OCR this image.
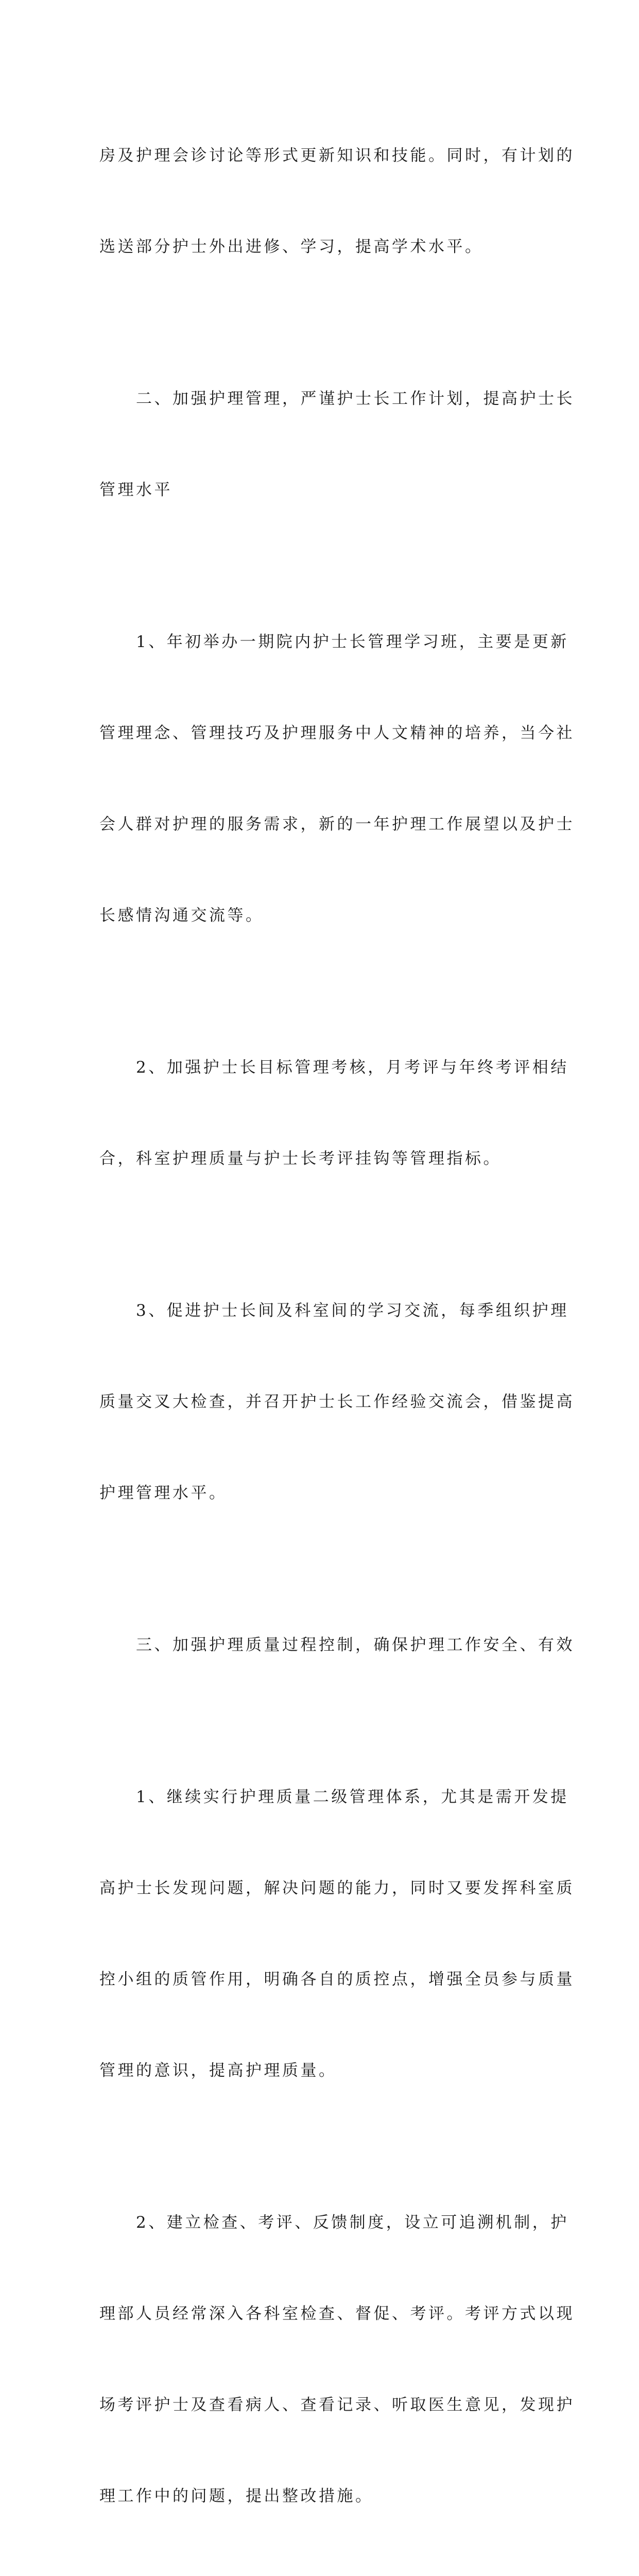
房及护理会诊讨论等形式更新知识和技能。同时，有计划的

选送部分护士外出进修、学习，提高学术水平。

　　二、加强护理管理，严谨护士长工作计划，提高护士长

管理水平

　　1、年初举办一期院内护士长管理学习班，主要是更新

管理理念、管理技巧及护理服务中人文精神的培养，当今社

会人群对护理的服务需求，新的一年护理工作展望以及护士

长感情沟通交流等。

　　2、加强护士长目标管理考核，月考评与年终考评相结

合，科室护理质量与护士长考评挂钩等管理指标。

　　3、促进护士长间及科室间的学习交流，每季组织护理

质量交叉大检查，并召开护士长工作经验交流会，借鉴提高

护理管理水平。

　　三、加强护理质量过程控制，确保护理工作安全、有效

　　1、继续实行护理质量二级管理体系，尤其是需开发提

高护士长发现问题，解决问题的能力，同时又要发挥科室质

控小组的质管作用，明确各自的质控点，增强全员参与质量

管理的意识，提高护理质量。

　　2、建立检查、考评、反馈制度，设立可追溯机制，护

理部人员经常深入各科室检查、督促、考评。考评方式以现

场考评护士及查看病人、查看记录、听取医生意见，发现护

理工作中的问题，提出整改措施。
